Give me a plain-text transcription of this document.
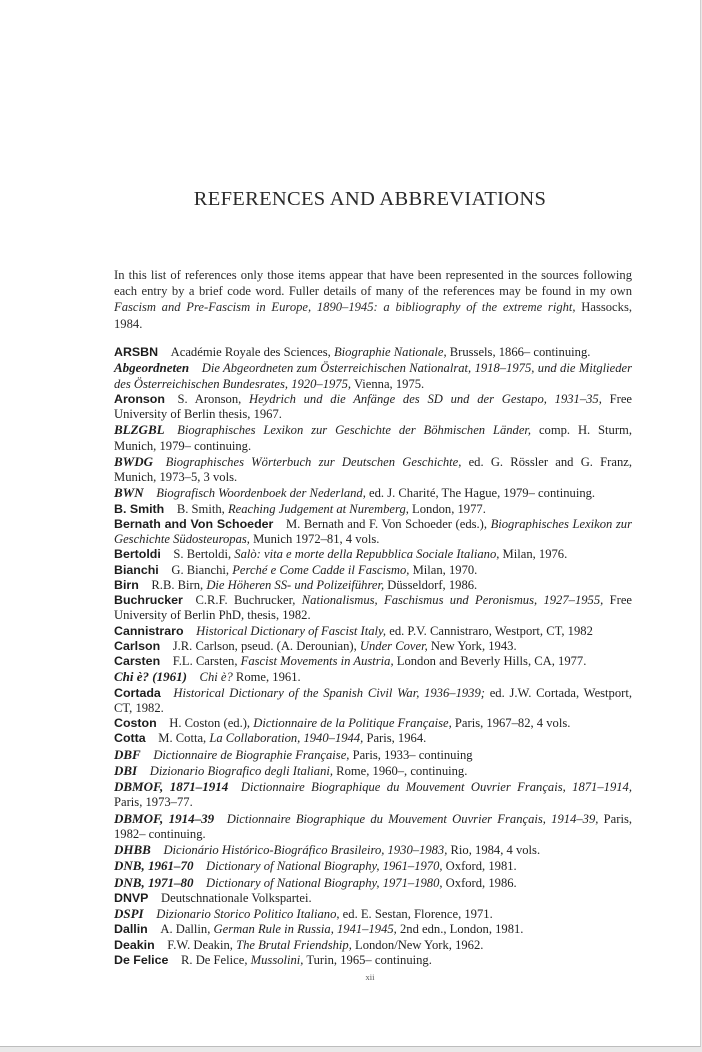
REFERENCES AND ABBREVIATIONS

In this list of references only those items appear that have been represented in the sources following each entry by a brief code word. Fuller details of many of the references may be found in my own Fascism and Pre-Fascism in Europe, 1890–1945: a bibliography of the extreme right, Hassocks, 1984.

ARSBN  Académie Royale des Sciences, Biographie Nationale, Brussels, 1866– continuing.

Abgeordneten  Die Abgeordneten zum Österreichischen Nationalrat, 1918–1975, und die Mitglieder des Österreichischen Bundesrates, 1920–1975, Vienna, 1975.

Aronson  S. Aronson, Heydrich und die Anfänge des SD und der Gestapo, 1931–35, Free University of Berlin thesis, 1967.

BLZGBL  Biographisches Lexikon zur Geschichte der Böhmischen Länder, comp. H. Sturm, Munich, 1979– continuing.

BWDG  Biographisches Wörterbuch zur Deutschen Geschichte, ed. G. Rössler and G. Franz, Munich, 1973–5, 3 vols.

BWN  Biografisch Woordenboek der Nederland, ed. J. Charité, The Hague, 1979– continuing.

B. Smith  B. Smith, Reaching Judgement at Nuremberg, London, 1977.

Bernath and Von Schoeder  M. Bernath and F. Von Schoeder (eds.), Biographisches Lexikon zur Geschichte Südosteuropas, Munich 1972–81, 4 vols.

Bertoldi  S. Bertoldi, Salò: vita e morte della Repubblica Sociale Italiano, Milan, 1976.

Bianchi  G. Bianchi, Perché e Come Cadde il Fascismo, Milan, 1970.

Birn  R.B. Birn, Die Höheren SS- und Polizeiführer, Düsseldorf, 1986.

Buchrucker  C.R.F. Buchrucker, Nationalismus, Faschismus und Peronismus, 1927–1955, Free University of Berlin PhD, thesis, 1982.

Cannistraro  Historical Dictionary of Fascist Italy, ed. P.V. Cannistraro, Westport, CT, 1982

Carlson  J.R. Carlson, pseud. (A. Derounian), Under Cover, New York, 1943.

Carsten  F.L. Carsten, Fascist Movements in Austria, London and Beverly Hills, CA, 1977.

Chi è? (1961)  Chi è? Rome, 1961.

Cortada  Historical Dictionary of the Spanish Civil War, 1936–1939; ed. J.W. Cortada, Westport, CT, 1982.

Coston  H. Coston (ed.), Dictionnaire de la Politique Française, Paris, 1967–82, 4 vols.

Cotta  M. Cotta, La Collaboration, 1940–1944, Paris, 1964.

DBF  Dictionnaire de Biographie Française, Paris, 1933– continuing

DBI  Dizionario Biografico degli Italiani, Rome, 1960–, continuing.

DBMOF, 1871–1914  Dictionnaire Biographique du Mouvement Ouvrier Français, 1871–1914, Paris, 1973–77.

DBMOF, 1914–39  Dictionnaire Biographique du Mouvement Ouvrier Français, 1914–39, Paris, 1982– continuing.

DHBB  Dicionário Histórico-Biográfico Brasileiro, 1930–1983, Rio, 1984, 4 vols.

DNB, 1961–70  Dictionary of National Biography, 1961–1970, Oxford, 1981.

DNB, 1971–80  Dictionary of National Biography, 1971–1980, Oxford, 1986.

DNVP  Deutschnationale Volkspartei.

DSPI  Dizionario Storico Politico Italiano, ed. E. Sestan, Florence, 1971.

Dallin  A. Dallin, German Rule in Russia, 1941–1945, 2nd edn., London, 1981.

Deakin  F.W. Deakin, The Brutal Friendship, London/New York, 1962.

De Felice  R. De Felice, Mussolini, Turin, 1965– continuing.

xii
